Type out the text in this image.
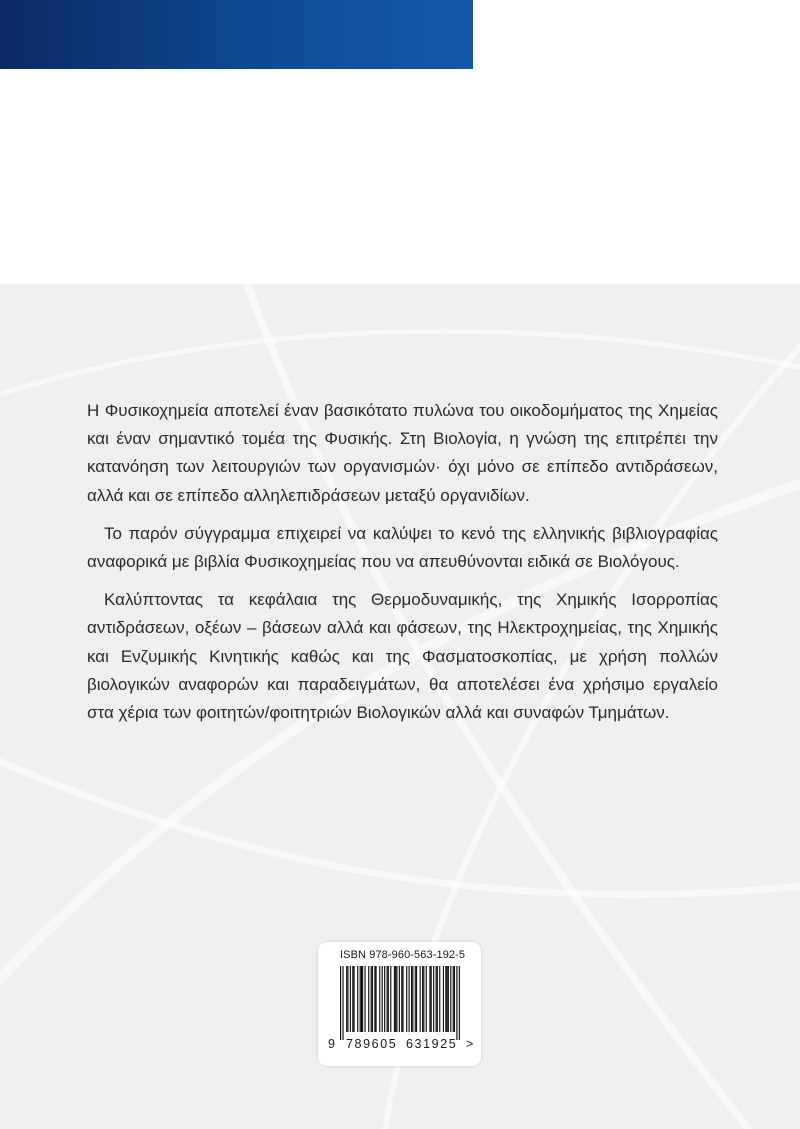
Η Φυσικοχημεία αποτελεί έναν βασικότατο πυλώνα του οικοδομήματος της Χημείας και έναν σημαντικό τομέα της Φυσικής. Στη Βιολογία, η γνώση της επιτρέπει την κατανόηση των λειτουργιών των οργανισμών· όχι μόνο σε επίπεδο αντιδράσεων, αλλά και σε επίπεδο αλληλεπιδράσεων μεταξύ οργανιδίων.

Το παρόν σύγγραμμα επιχειρεί να καλύψει το κενό της ελληνικής βιβλιογραφίας αναφορικά με βιβλία Φυσικοχημείας που να απευθύνονται ειδικά σε Βιολόγους.

Καλύπτοντας τα κεφάλαια της Θερμοδυναμικής, της Χημικής Ισορροπίας αντιδράσεων, οξέων – βάσεων αλλά και φάσεων, της Ηλεκτροχημείας, της Χημικής και Ενζυμικής Κινητικής καθώς και της Φασματοσκοπίας, με χρήση πολλών βιολογικών αναφορών και παραδειγμάτων, θα αποτελέσει ένα χρήσιμο εργαλείο στα χέρια των φοιτητών/φοιτητριών Βιολογικών αλλά και συναφών Τμημάτων.

ISBN 978-960-563-192-5
9 789605 631925 >
